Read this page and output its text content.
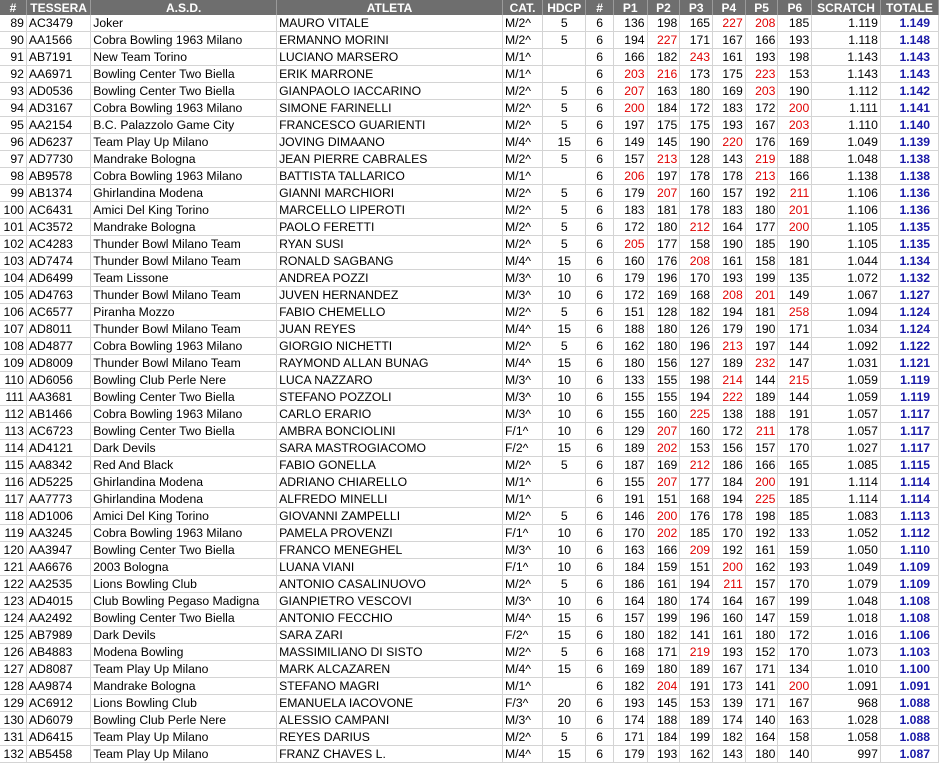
#	TESSERA	A.S.D.	ATLETA	CAT.	HDCP	#	P1	P2	P3	P4	P5	P6	SCRATCH	TOTALE
89	AC3479	Joker	MAURO VITALE	M/2^	5	6	136	198	165	227	208	185	1.119	1.149
90	AA1566	Cobra Bowling 1963 Milano	ERMANNO MORINI	M/2^	5	6	194	227	171	167	166	193	1.118	1.148
91	AB7191	New Team Torino	LUCIANO MARSERO	M/1^		6	166	182	243	161	193	198	1.143	1.143
92	AA6971	Bowling Center Two Biella	ERIK MARRONE	M/1^		6	203	216	173	175	223	153	1.143	1.143
93	AD0536	Bowling Center Two Biella	GIANPAOLO IACCARINO	M/2^	5	6	207	163	180	169	203	190	1.112	1.142
94	AD3167	Cobra Bowling 1963 Milano	SIMONE FARINELLI	M/2^	5	6	200	184	172	183	172	200	1.111	1.141
95	AA2154	B.C. Palazzolo Game City	FRANCESCO GUARIENTI	M/2^	5	6	197	175	175	193	167	203	1.110	1.140
96	AD6237	Team Play Up Milano	JOVING DIMAANO	M/4^	15	6	149	145	190	220	176	169	1.049	1.139
97	AD7730	Mandrake Bologna	JEAN PIERRE CABRALES	M/2^	5	6	157	213	128	143	219	188	1.048	1.138
98	AB9578	Cobra Bowling 1963 Milano	BATTISTA TALLARICO	M/1^		6	206	197	178	178	213	166	1.138	1.138
99	AB1374	Ghirlandina Modena	GIANNI MARCHIORI	M/2^	5	6	179	207	160	157	192	211	1.106	1.136
100	AC6431	Amici Del King Torino	MARCELLO LIPEROTI	M/2^	5	6	183	181	178	183	180	201	1.106	1.136
101	AC3572	Mandrake Bologna	PAOLO FERETTI	M/2^	5	6	172	180	212	164	177	200	1.105	1.135
102	AC4283	Thunder Bowl Milano Team	RYAN SUSI	M/2^	5	6	205	177	158	190	185	190	1.105	1.135
103	AD7474	Thunder Bowl Milano Team	RONALD SAGBANG	M/4^	15	6	160	176	208	161	158	181	1.044	1.134
104	AD6499	Team Lissone	ANDREA POZZI	M/3^	10	6	179	196	170	193	199	135	1.072	1.132
105	AD4763	Thunder Bowl Milano Team	JUVEN HERNANDEZ	M/3^	10	6	172	169	168	208	201	149	1.067	1.127
106	AC6577	Piranha Mozzo	FABIO CHEMELLO	M/2^	5	6	151	128	182	194	181	258	1.094	1.124
107	AD8011	Thunder Bowl Milano Team	JUAN REYES	M/4^	15	6	188	180	126	179	190	171	1.034	1.124
108	AD4877	Cobra Bowling 1963 Milano	GIORGIO NICHETTI	M/2^	5	6	162	180	196	213	197	144	1.092	1.122
109	AD8009	Thunder Bowl Milano Team	RAYMOND ALLAN BUNAG	M/4^	15	6	180	156	127	189	232	147	1.031	1.121
110	AD6056	Bowling Club Perle Nere	LUCA NAZZARO	M/3^	10	6	133	155	198	214	144	215	1.059	1.119
111	AA3681	Bowling Center Two Biella	STEFANO POZZOLI	M/3^	10	6	155	155	194	222	189	144	1.059	1.119
112	AB1466	Cobra Bowling 1963 Milano	CARLO ERARIO	M/3^	10	6	155	160	225	138	188	191	1.057	1.117
113	AC6723	Bowling Center Two Biella	AMBRA BONCIOLINI	F/1^	10	6	129	207	160	172	211	178	1.057	1.117
114	AD4121	Dark Devils	SARA MASTROGIACOMO	F/2^	15	6	189	202	153	156	157	170	1.027	1.117
115	AA8342	Red And Black	FABIO GONELLA	M/2^	5	6	187	169	212	186	166	165	1.085	1.115
116	AD5225	Ghirlandina Modena	ADRIANO CHIARELLO	M/1^		6	155	207	177	184	200	191	1.114	1.114
117	AA7773	Ghirlandina Modena	ALFREDO MINELLI	M/1^		6	191	151	168	194	225	185	1.114	1.114
118	AD1006	Amici Del King Torino	GIOVANNI ZAMPELLI	M/2^	5	6	146	200	176	178	198	185	1.083	1.113
119	AA3245	Cobra Bowling 1963 Milano	PAMELA PROVENZI	F/1^	10	6	170	202	185	170	192	133	1.052	1.112
120	AA3947	Bowling Center Two Biella	FRANCO MENEGHEL	M/3^	10	6	163	166	209	192	161	159	1.050	1.110
121	AA6676	2003 Bologna	LUANA VIANI	F/1^	10	6	184	159	151	200	162	193	1.049	1.109
122	AA2535	Lions Bowling Club	ANTONIO CASALINUOVO	M/2^	5	6	186	161	194	211	157	170	1.079	1.109
123	AD4015	Club Bowling Pegaso Madigna	GIANPIETRO VESCOVI	M/3^	10	6	164	180	174	164	167	199	1.048	1.108
124	AA2492	Bowling Center Two Biella	ANTONIO FECCHIO	M/4^	15	6	157	199	196	160	147	159	1.018	1.108
125	AB7989	Dark Devils	SARA ZARI	F/2^	15	6	180	182	141	161	180	172	1.016	1.106
126	AB4883	Modena Bowling	MASSIMILIANO DI SISTO	M/2^	5	6	168	171	219	193	152	170	1.073	1.103
127	AD8087	Team Play Up Milano	MARK ALCAZAREN	M/4^	15	6	169	180	189	167	171	134	1.010	1.100
128	AA9874	Mandrake Bologna	STEFANO MAGRI	M/1^		6	182	204	191	173	141	200	1.091	1.091
129	AC6912	Lions Bowling Club	EMANUELA IACOVONE	F/3^	20	6	193	145	153	139	171	167	968	1.088
130	AD6079	Bowling Club Perle Nere	ALESSIO CAMPANI	M/3^	10	6	174	188	189	174	140	163	1.028	1.088
131	AD6415	Team Play Up Milano	REYES DARIUS	M/2^	5	6	171	184	199	182	164	158	1.058	1.088
132	AB5458	Team Play Up Milano	FRANZ CHAVES L.	M/4^	15	6	179	193	162	143	180	140	997	1.087
